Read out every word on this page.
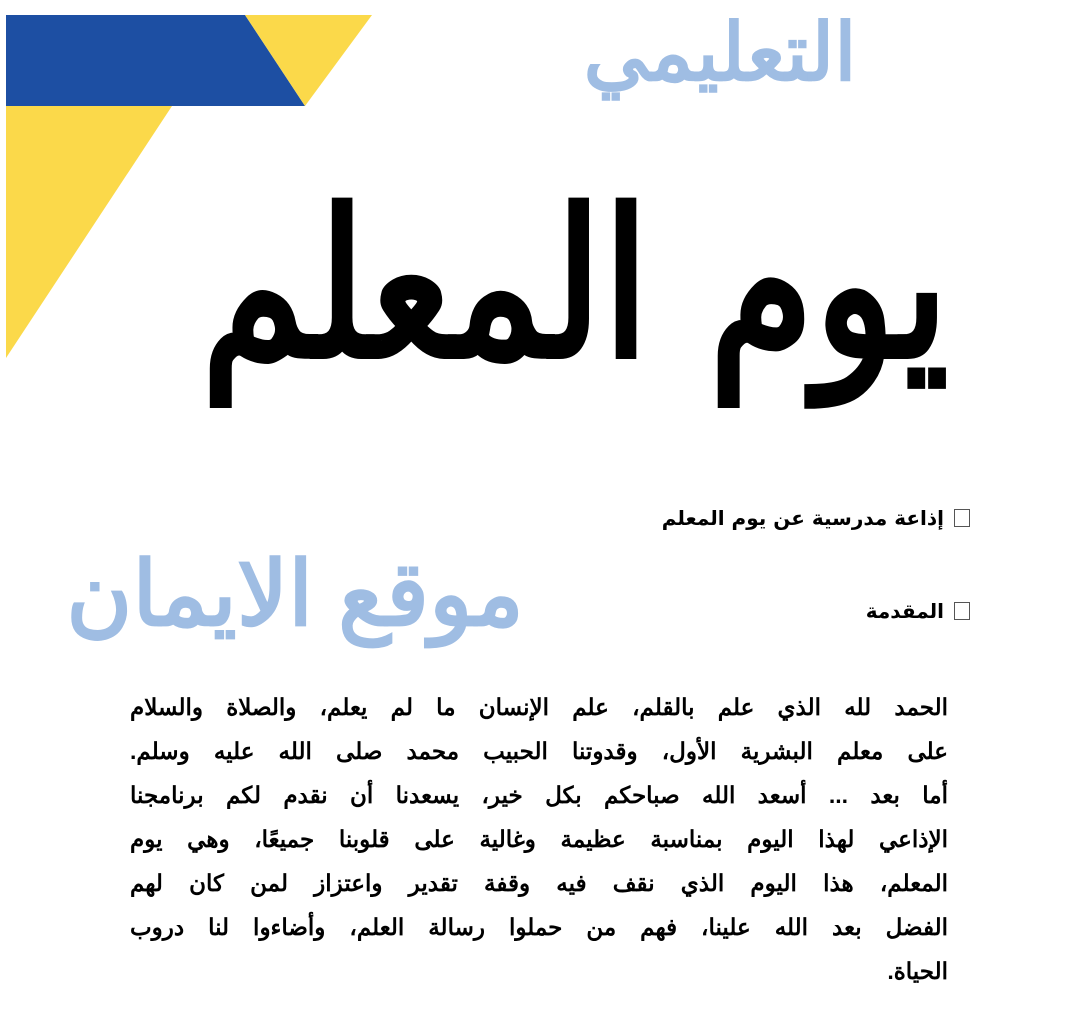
يوم المعلم
التعليمي
موقع الايمان
إذاعة مدرسية عن يوم المعلم
المقدمة
الحمد لله الذي علم بالقلم، علم الإنسان ما لم يعلم، والصلاة والسلام
على معلم البشرية الأول، وقدوتنا الحبيب محمد صلى الله عليه وسلم.
أما بعد ... أسعد الله صباحكم بكل خير، يسعدنا أن نقدم لكم برنامجنا
الإذاعي لهذا اليوم بمناسبة عظيمة وغالية على قلوبنا جميعًا، وهي يوم
المعلم، هذا اليوم الذي نقف فيه وقفة تقدير واعتزاز لمن كان لهم
الفضل بعد الله علينا، فهم من حملوا رسالة العلم، وأضاءوا لنا دروب
الحياة.
